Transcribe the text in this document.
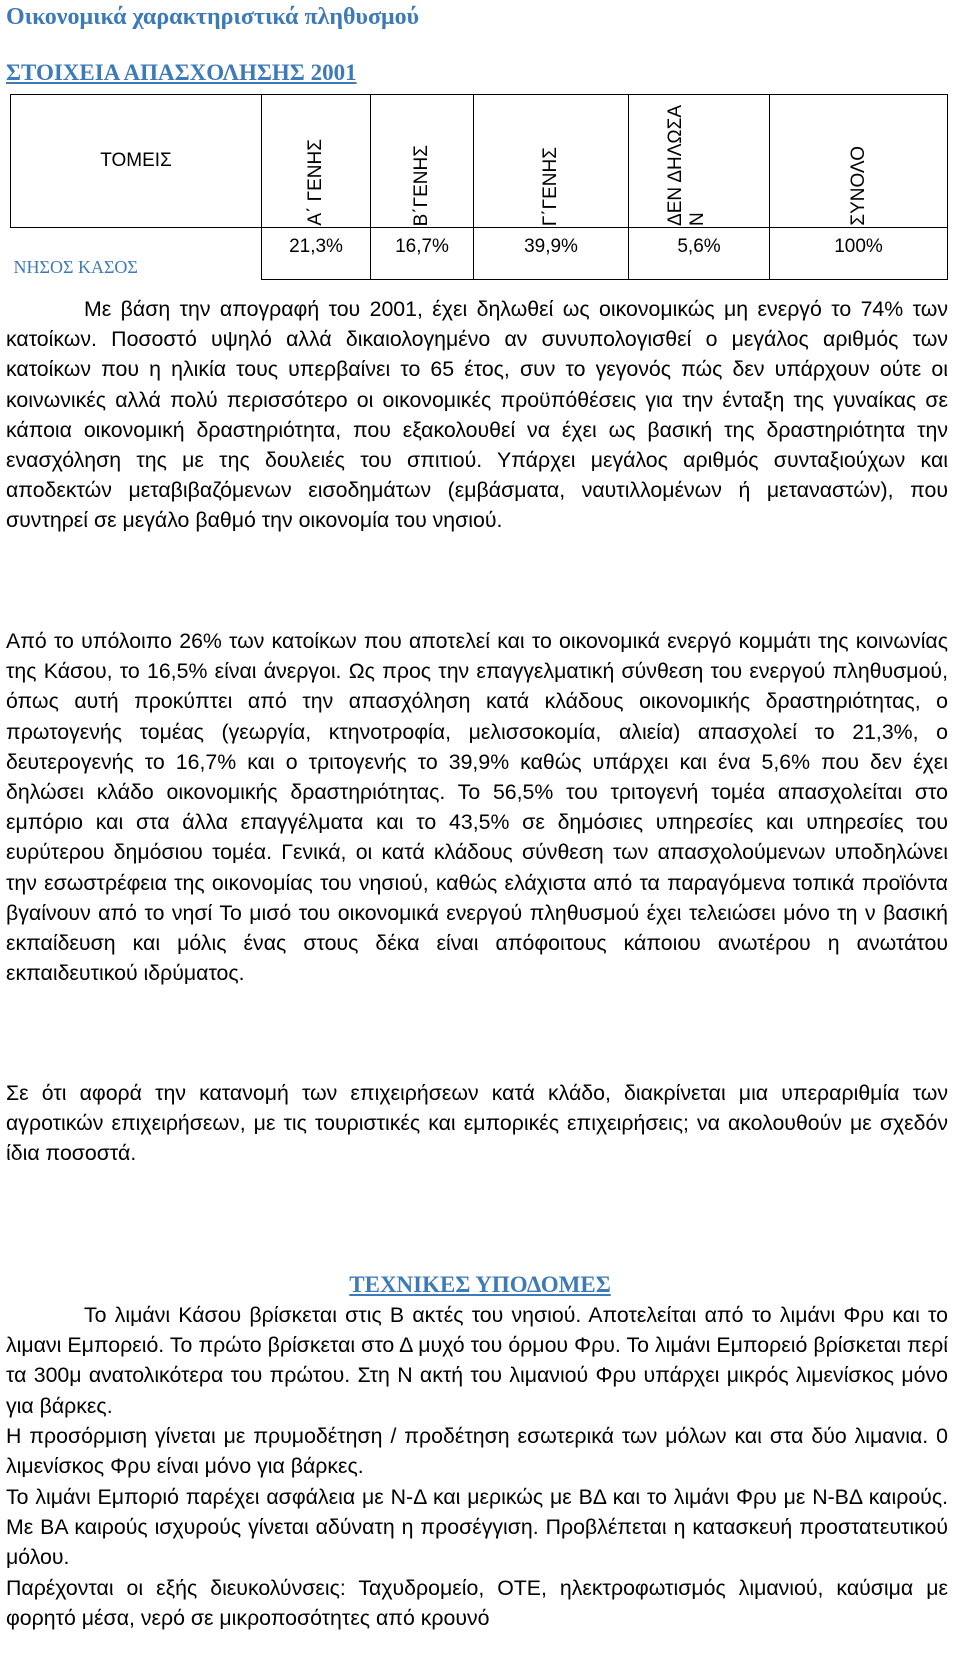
Οικονομικά χαρακτηριστικά πληθυσμού
ΣΤΟΙΧΕΙΑ ΑΠΑΣΧΟΛΗΣΗΣ 2001
ΤΟΜΕΙΣ	Α΄ ΓΕΝΗΣ	Β΄ΓΕΝΗΣ	Γ΄ΓΕΝΗΣ	ΔΕΝ ΔΗΛΩΣΑ Ν	ΣΥΝΟΛΟ

ΝΗΣΟΣ ΚΑΣΟΣ	21,3%	16,7%	39,9%	5,6%	100%

Με βάση την απογραφή του 2001, έχει δηλωθεί ως οικονομικώς μη ενεργό το 74% των κατοίκων. Ποσοστό υψηλό αλλά δικαιολογημένο αν συνυπολογισθεί ο μεγάλος αριθμός των κατοίκων που η ηλικία τους υπερβαίνει το 65 έτος, συν το γεγονός πώς δεν υπάρχουν ούτε οι κοινωνικές αλλά πολύ περισσότερο οι οικονομικές προϋπόθέσεις για την ένταξη της γυναίκας σε κάποια οικονομική δραστηριότητα, που εξακολουθεί να έχει ως βασική της δραστηριότητα την ενασχόληση της με της δουλειές του σπιτιού. Υπάρχει μεγάλος αριθμός συνταξιούχων και αποδεκτών μεταβιβαζόμενων εισοδημάτων (εμβάσματα, ναυτιλλομένων ή μεταναστών), που συντηρεί σε μεγάλο βαθμό την οικονομία του νησιού.

Από το υπόλοιπο 26% των κατοίκων που αποτελεί και το οικονομικά ενεργό κομμάτι της κοινωνίας της Κάσου, το 16,5% είναι άνεργοι. Ως προς την επαγγελματική σύνθεση του ενεργού πληθυσμού, όπως αυτή προκύπτει από την απασχόληση κατά κλάδους οικονομικής δραστηριότητας, ο πρωτογενής τομέας (γεωργία, κτηνοτροφία, μελισσοκομία, αλιεία) απασχολεί το 21,3%, ο δευτερογενής το 16,7% και ο τριτογενής το 39,9% καθώς υπάρχει και ένα 5,6% που δεν έχει δηλώσει κλάδο οικονομικής δραστηριότητας. Το 56,5% του τριτογενή τομέα απασχολείται στο εμπόριο και στα άλλα επαγγέλματα και το 43,5% σε δημόσιες υπηρεσίες και υπηρεσίες του ευρύτερου δημόσιου τομέα. Γενικά, οι κατά κλάδους σύνθεση των απασχολούμενων υποδηλώνει την εσωστρέφεια της οικονομίας του νησιού, καθώς ελάχιστα από τα παραγόμενα τοπικά προϊόντα βγαίνουν από το νησί Το μισό του οικονομικά ενεργού πληθυσμού έχει τελειώσει μόνο τη ν βασική εκπαίδευση και μόλις ένας στους δέκα είναι απόφοιτους κάποιου ανωτέρου η ανωτάτου εκπαιδευτικού ιδρύματος.

Σε ότι αφορά την κατανομή των επιχειρήσεων κατά κλάδο, διακρίνεται μια υπεραριθμία των αγροτικών επιχειρήσεων, με τις τουριστικές και εμπορικές επιχειρήσεις; να ακολουθούν με σχεδόν ίδια ποσοστά.

ΤΕΧΝΙΚΕΣ ΥΠΟΔΟΜΕΣ

Το λιμάνι Κάσου βρίσκεται στις Β ακτές του νησιού. Αποτελείται από το λιμάνι Φρυ και το λιμανι Εμπορειό. Το πρώτο βρίσκεται στο Δ μυχό του όρμου Φρυ. Το λιμάνι Εμπορειό βρίσκεται περί τα 300μ ανατολικότερα του πρώτου. Στη Ν ακτή του λιμανιού Φρυ υπάρχει μικρός λιμενίσκος μόνο για βάρκες.

Η προσόρμιση γίνεται με πρυμοδέτηση / προδέτηση εσωτερικά των μόλων και στα δύο λιμανια. 0 λιμενίσκος Φρυ είναι μόνο για βάρκες.

Το λιμάνι Εμποριό παρέχει ασφάλεια με Ν-Δ και μερικώς με ΒΔ και το λιμάνι Φρυ με Ν-ΒΔ καιρούς. Με ΒΑ καιρούς ισχυρούς γίνεται αδύνατη η προσέγγιση. Προβλέπεται η κατασκευή προστατευτικού μόλου.

Παρέχονται οι εξής διευκολύνσεις: Ταχυδρομείο, ΟΤΕ, ηλεκτροφωτισμός λιμανιού, καύσιμα με φορητό μέσα, νερό σε μικροποσότητες από κρουνό
